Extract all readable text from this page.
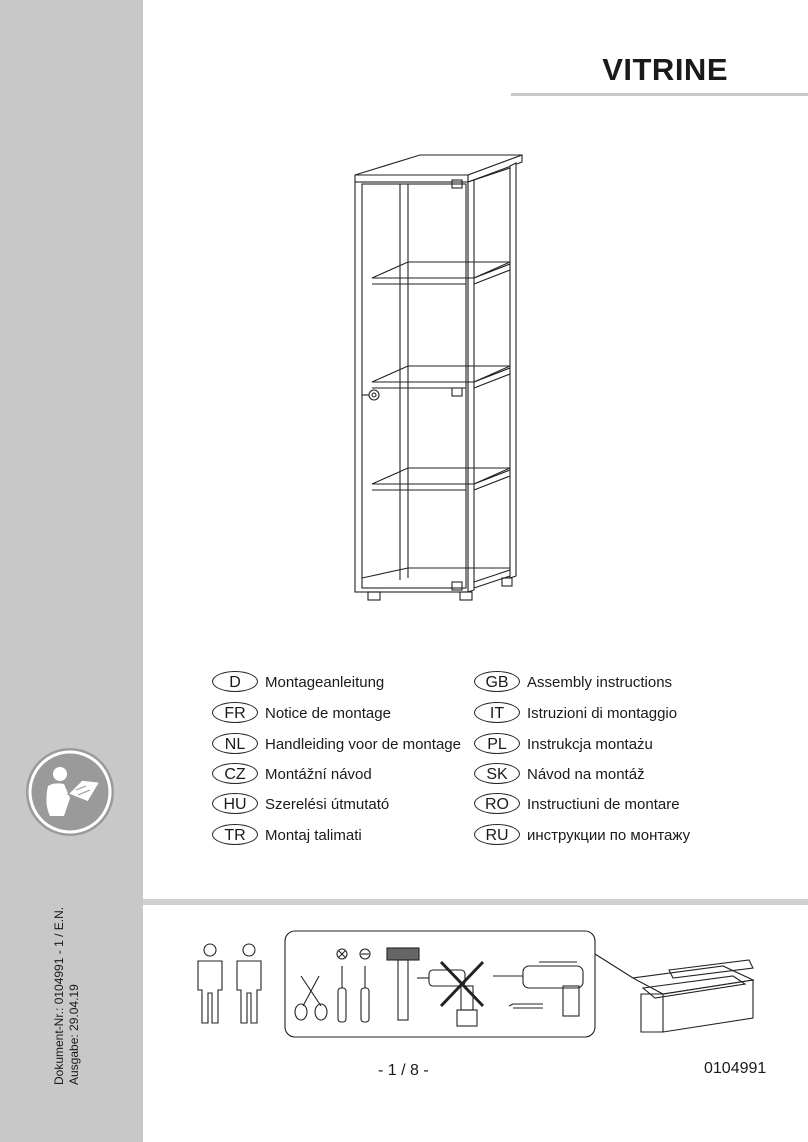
VITRINE
D	Montageanleitung
FR	Notice de montage
NL	Handleiding voor de montage
CZ	Montážní návod
HU	Szerelési útmutató
TR	Montaj talimati
GB	Assembly instructions
IT	Istruzioni di montaggio
PL	Instrukcja montażu
SK	Návod na montáž
RO	Instructiuni de montare
RU	инструкции по монтажу
Dokument-Nr.: 0104991 - 1 / E.N. Ausgabe: 29.04.19	- 1 / 8 -	0104991
